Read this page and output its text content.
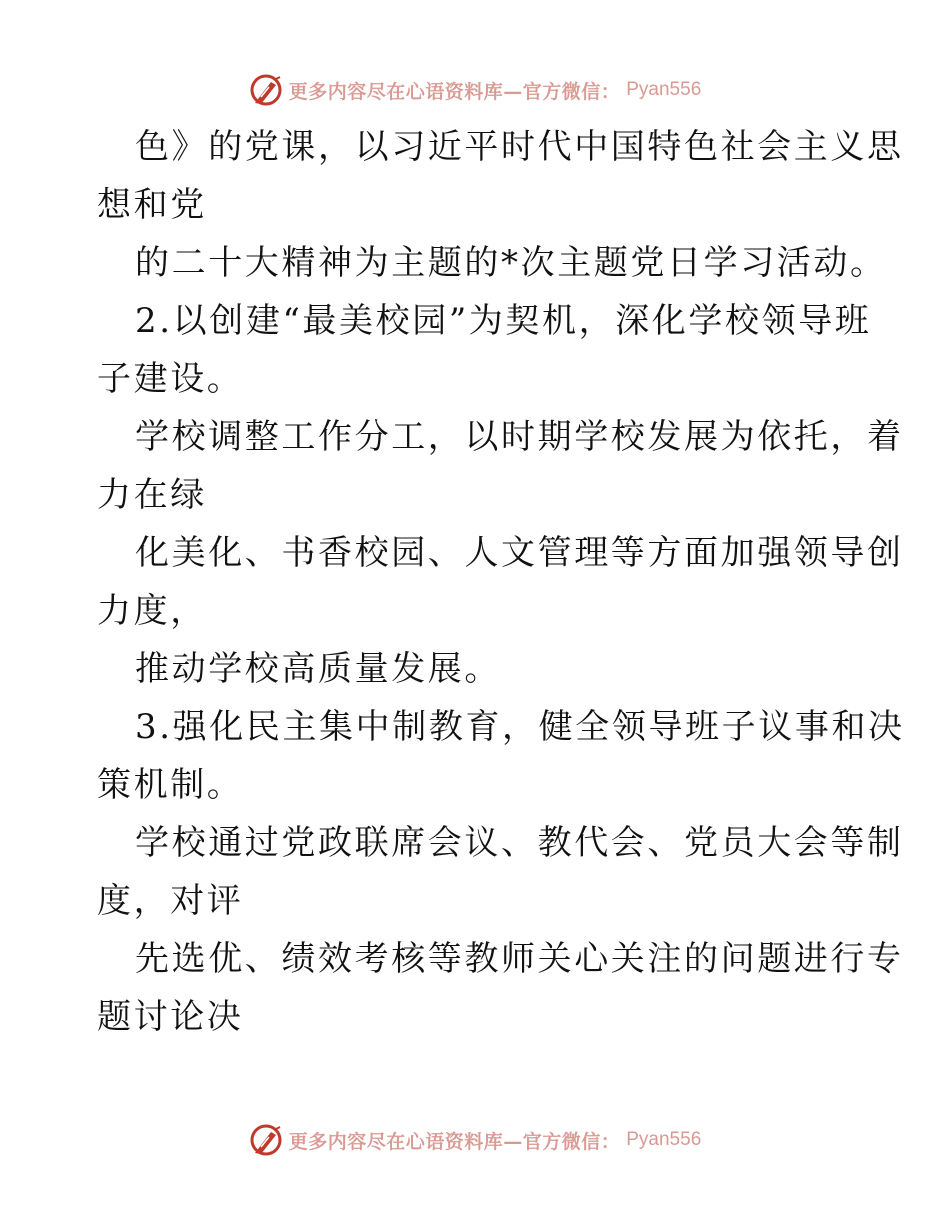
更多内容尽在心语资料库—官方微信： Pyan556

色》的党课，以习近平时代中国特色社会主义思

想和党

的二十大精神为主题的*次主题党日学习活动。

2.以创建“最美校园”为契机，深化学校领导班

子建设。

学校调整工作分工，以时期学校发展为依托，着

力在绿

化美化、书香校园、人文管理等方面加强领导创

力度，

推动学校高质量发展。

3.强化民主集中制教育，健全领导班子议事和决

策机制。

学校通过党政联席会议、教代会、党员大会等制

度，对评

先选优、绩效考核等教师关心关注的问题进行专

题讨论决

更多内容尽在心语资料库—官方微信： Pyan556
